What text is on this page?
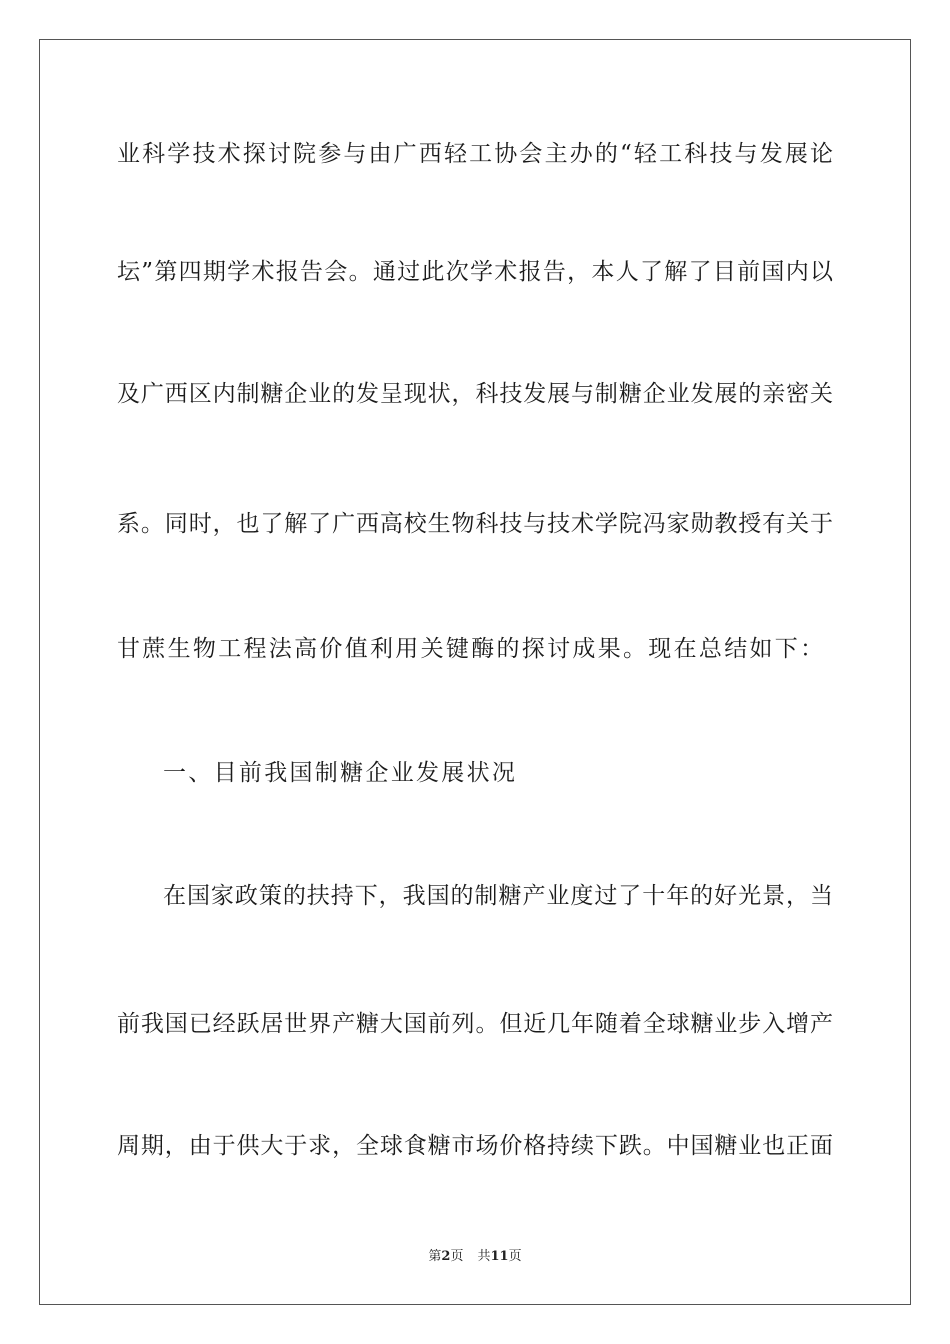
业科学技术探讨院参与由广西轻工协会主办的“轻工科技与发展论
坛”第四期学术报告会。通过此次学术报告，本人了解了目前国内以
及广西区内制糖企业的发呈现状，科技发展与制糖企业发展的亲密关
系。同时，也了解了广西高校生物科技与技术学院冯家勋教授有关于
甘蔗生物工程法高价值利用关键酶的探讨成果。现在总结如下：
一、目前我国制糖企业发展状况
在国家政策的扶持下，我国的制糖产业度过了十年的好光景，当
前我国已经跃居世界产糖大国前列。但近几年随着全球糖业步入增产
周期，由于供大于求，全球食糖市场价格持续下跌。中国糖业也正面
第2页 共11页
